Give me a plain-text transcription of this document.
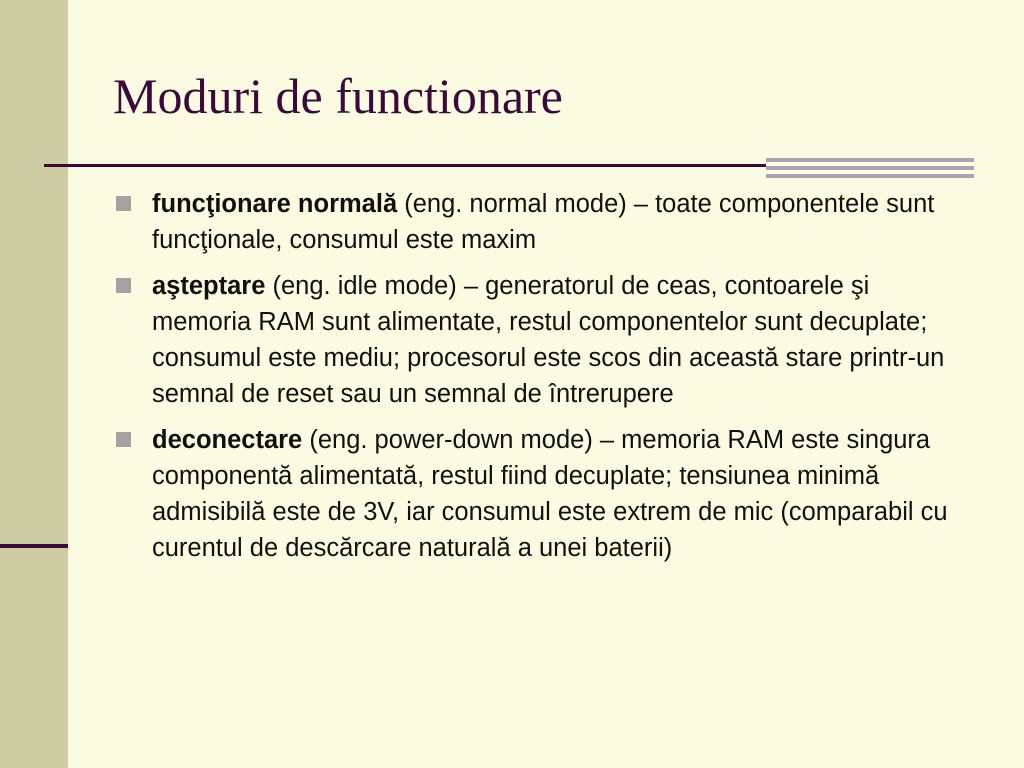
Moduri de functionare
funcţionare normală (eng. normal mode) – toate componentele sunt funcţionale, consumul este maxim
aşteptare (eng. idle mode) – generatorul de ceas, contoarele şi memoria RAM sunt alimentate, restul componentelor sunt decuplate; consumul este mediu; procesorul este scos din această stare printr-un semnal de reset sau un semnal de întrerupere
deconectare (eng. power-down mode) – memoria RAM este singura componentă alimentată, restul fiind decuplate; tensiunea minimă admisibilă este de 3V, iar consumul este extrem de mic (comparabil cu curentul de descărcare naturală a unei baterii)
